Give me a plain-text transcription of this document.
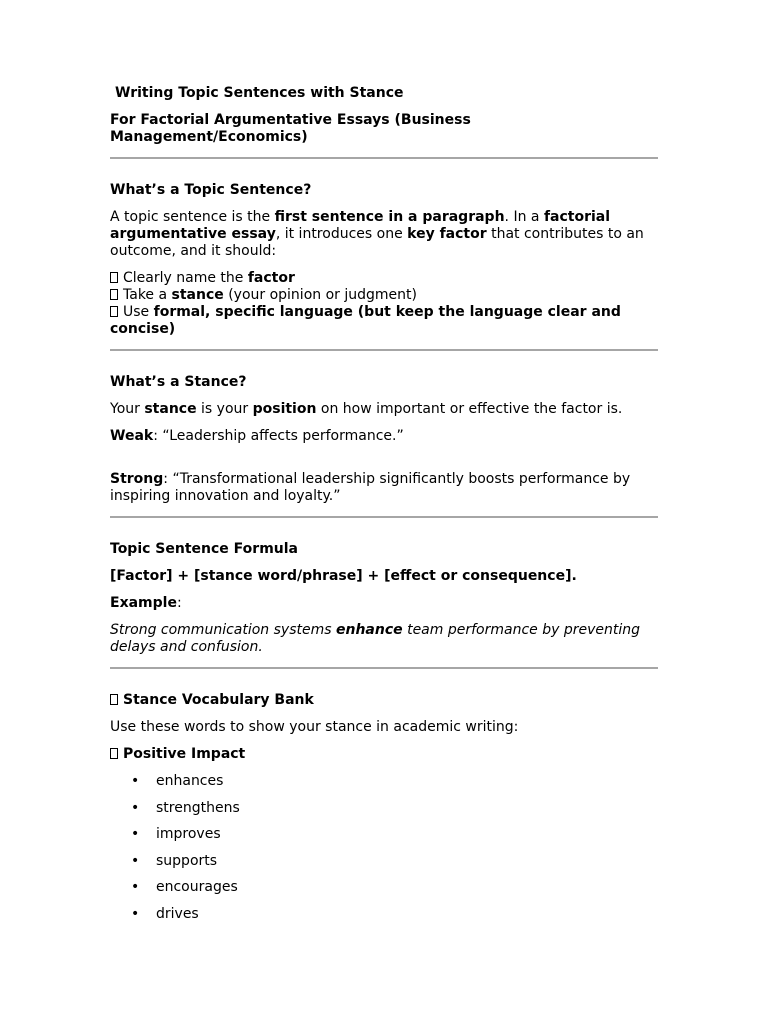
Writing Topic Sentences with Stance

For Factorial Argumentative Essays (Business Management/Economics)

What’s a Topic Sentence?

A topic sentence is the first sentence in a paragraph. In a factorial argumentative essay, it introduces one key factor that contributes to an outcome, and it should:

Clearly name the factor

Take a stance (your opinion or judgment)

Use formal, specific language (but keep the language clear and concise)

What’s a Stance?

Your stance is your position on how important or effective the factor is.

Weak: “Leadership affects performance.”

Strong: “Transformational leadership significantly boosts performance by inspiring innovation and loyalty.”

Topic Sentence Formula

[Factor] + [stance word/phrase] + [effect or consequence].

Example:

Strong communication systems enhance team performance by preventing delays and confusion.

Stance Vocabulary Bank

Use these words to show your stance in academic writing:

Positive Impact

• enhances
• strengthens
• improves
• supports
• encourages
• drives
